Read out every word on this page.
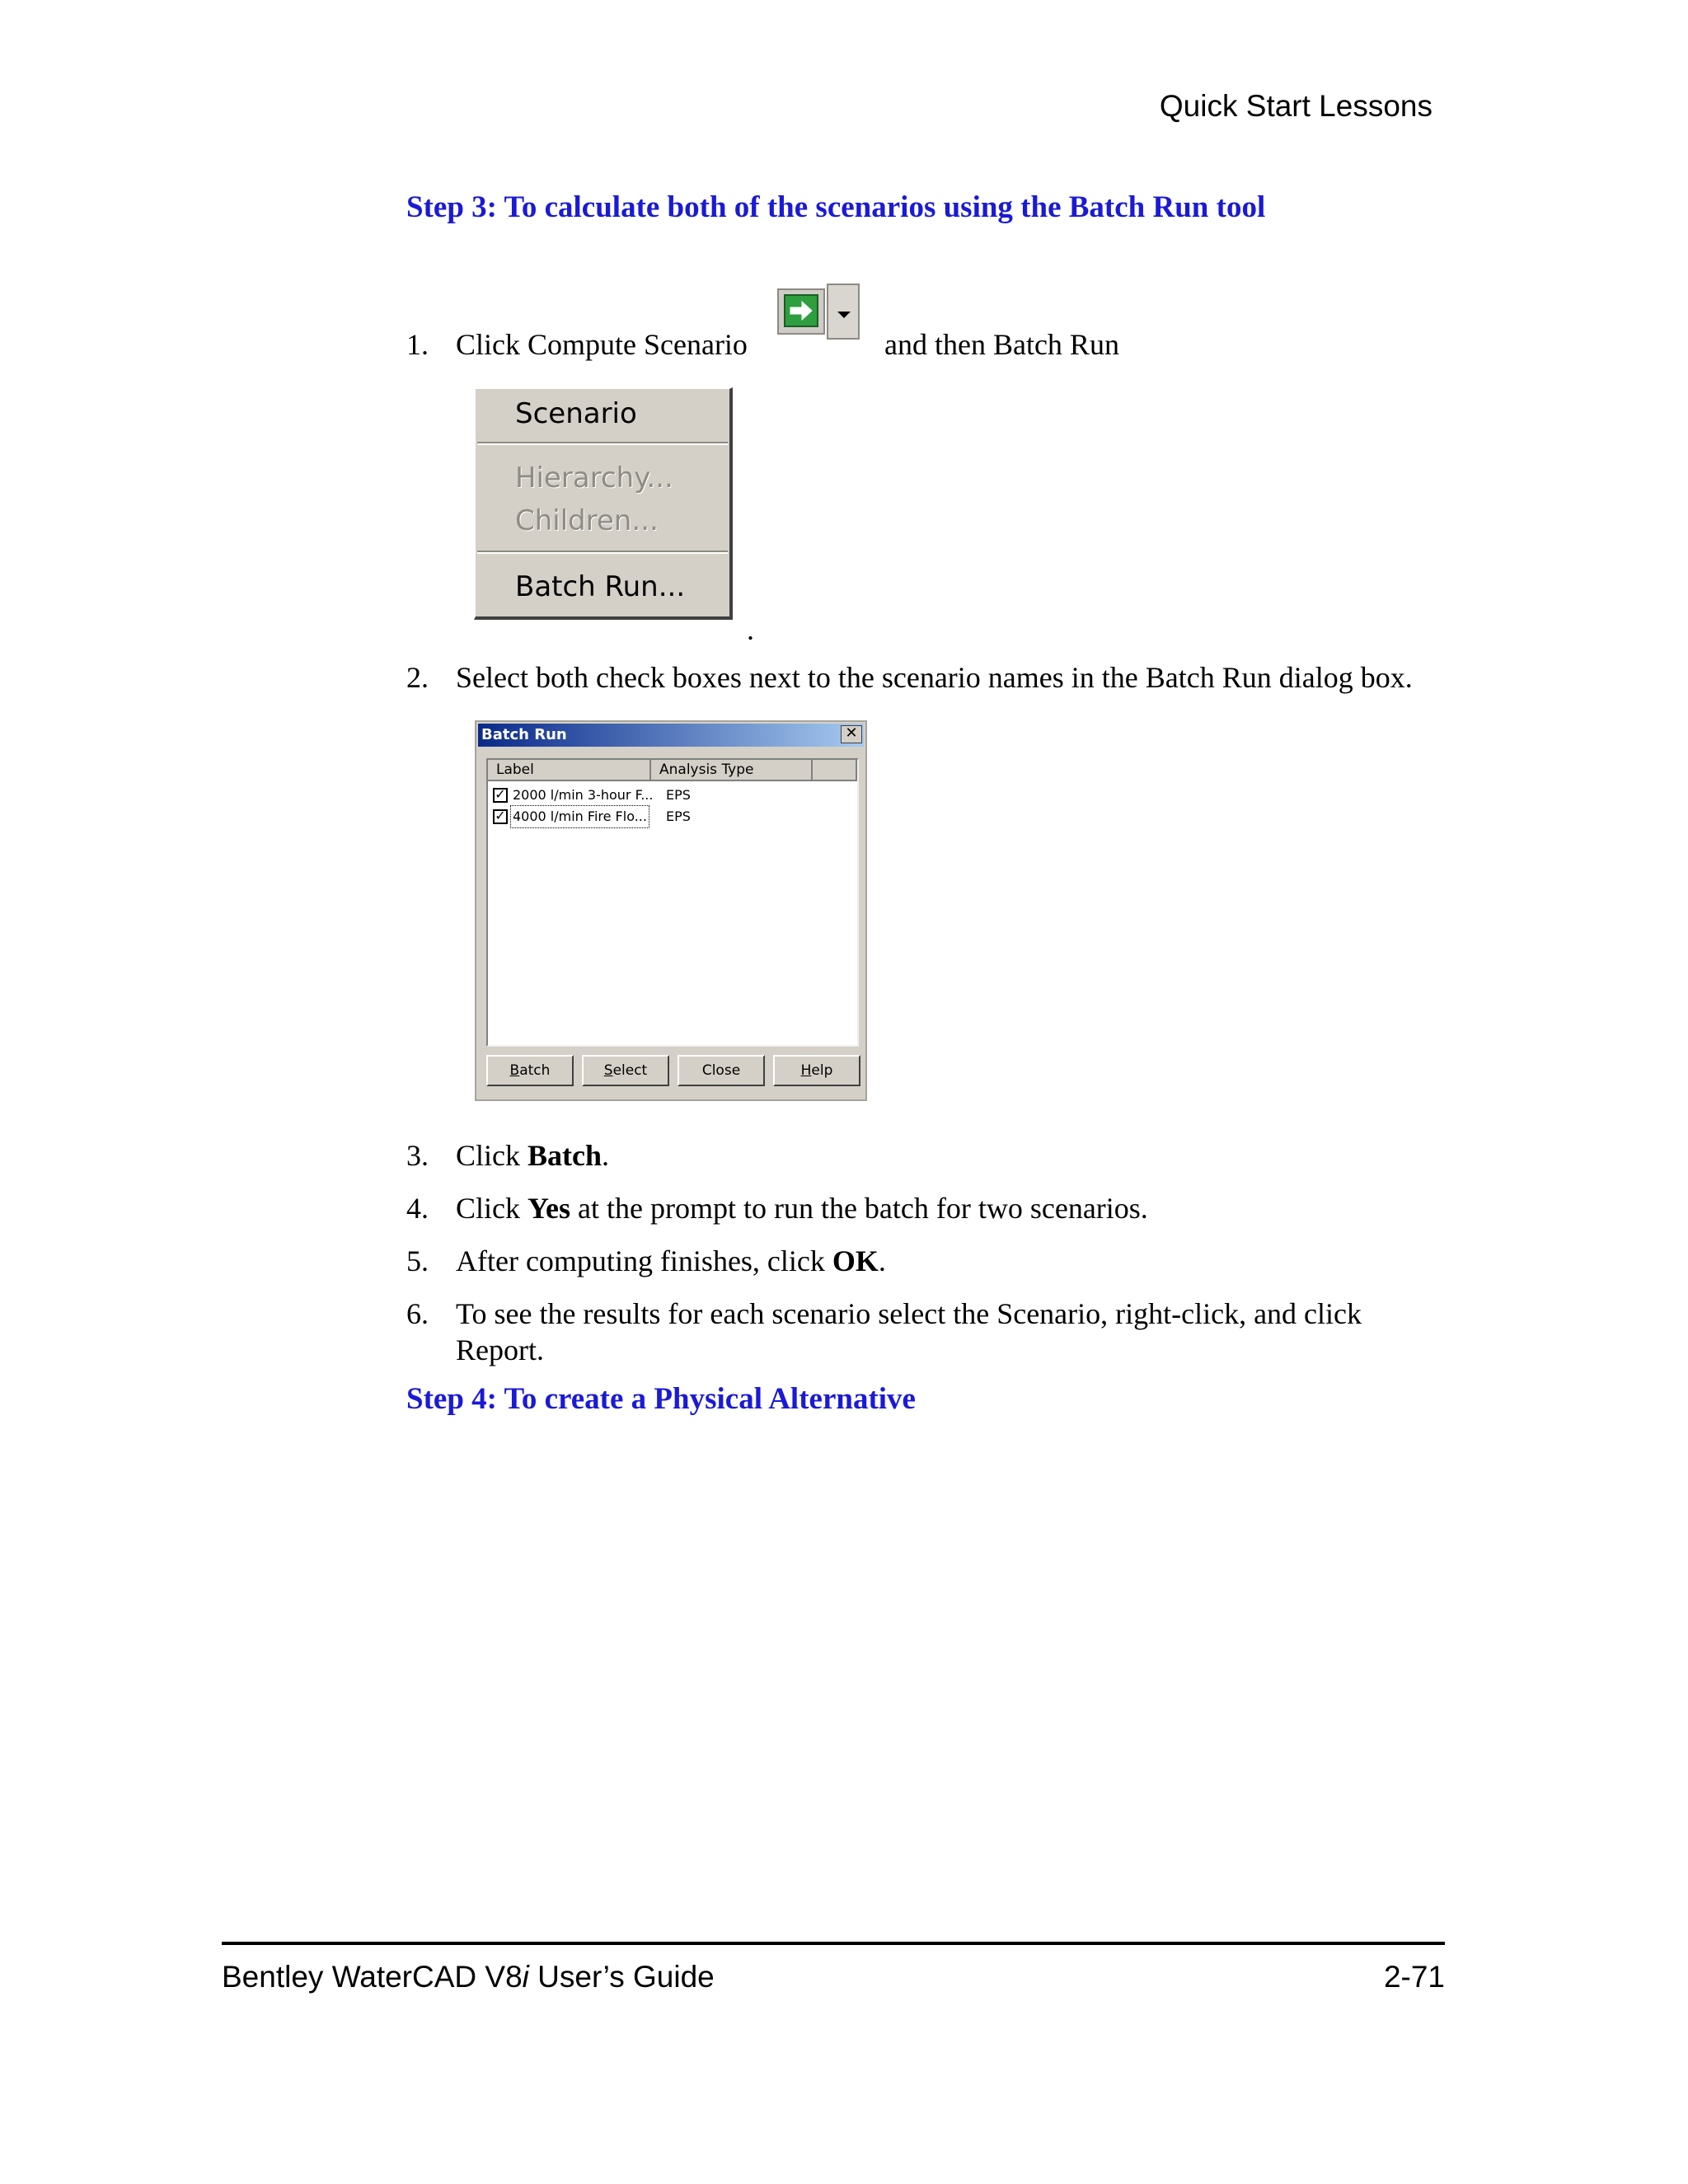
Quick Start Lessons
Step 3: To calculate both of the scenarios using the Batch Run tool
1. Click Compute Scenario	and then Batch Run
Scenario
Hierarchy...
Children...
Batch Run...
.
2. Select both check boxes next to the scenario names in the Batch Run dialog box.
Batch Run	✕
Label	Analysis Type
✓ 2000 l/min 3-hour F... EPS
✓ 4000 l/min Fire Flo... EPS
Batch	Select	Close	Help
3. Click Batch.
4. Click Yes at the prompt to run the batch for two scenarios.
5. After computing finishes, click OK.
6. To see the results for each scenario select the Scenario, right-click, and click
Report.
Step 4: To create a Physical Alternative
Bentley WaterCAD V8i User’s Guide	2-71
